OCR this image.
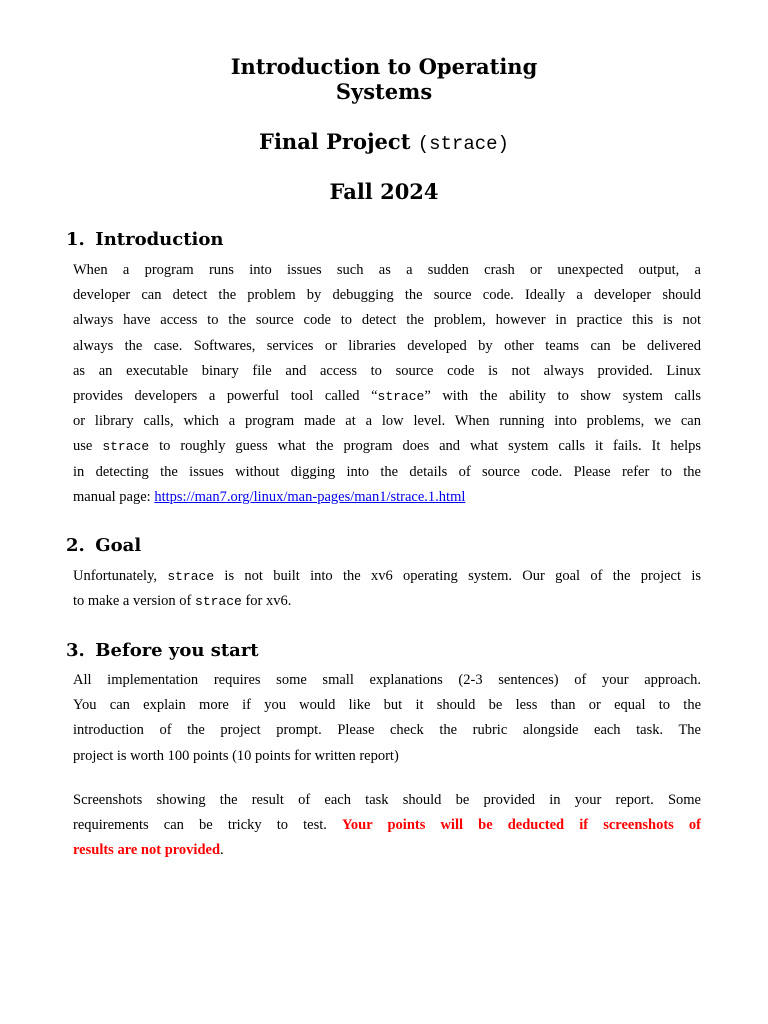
Introduction to Operating
Systems
Final Project (strace)
Fall 2024
1. Introduction
When a program runs into issues such as a sudden crash or unexpected output, a
developer can detect the problem by debugging the source code. Ideally a developer should
always have access to the source code to detect the problem, however in practice this is not
always the case. Softwares, services or libraries developed by other teams can be delivered
as an executable binary file and access to source code is not always provided. Linux
provides developers a powerful tool called “strace” with the ability to show system calls
or library calls, which a program made at a low level. When running into problems, we can
use strace to roughly guess what the program does and what system calls it fails. It helps
in detecting the issues without digging into the details of source code. Please refer to the
manual page: https://man7.org/linux/man-pages/man1/strace.1.html
2. Goal
Unfortunately, strace is not built into the xv6 operating system. Our goal of the project is
to make a version of strace for xv6.
3. Before you start
All implementation requires some small explanations (2-3 sentences) of your approach.
You can explain more if you would like but it should be less than or equal to the
introduction of the project prompt. Please check the rubric alongside each task. The
project is worth 100 points (10 points for written report)
Screenshots showing the result of each task should be provided in your report. Some
requirements can be tricky to test. Your points will be deducted if screenshots of
results are not provided.
